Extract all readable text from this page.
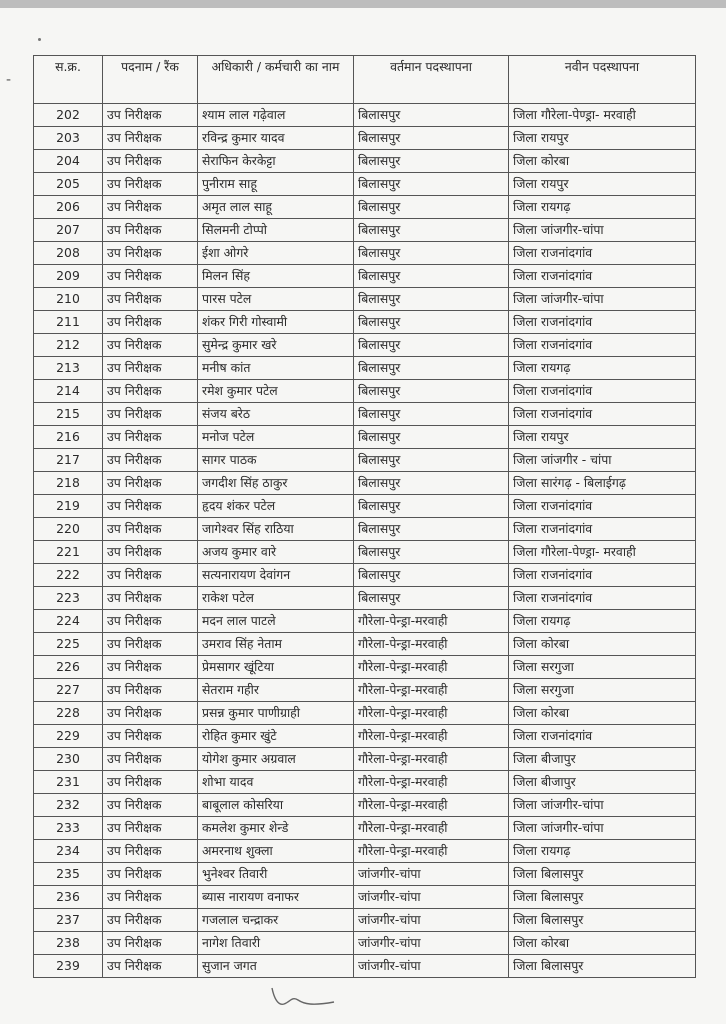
-
स.क्र.	पदनाम / रैंक	अधिकारी / कर्मचारी का नाम	वर्तमान पदस्थापना	नवीन पदस्थापना
202	उप निरीक्षक	श्याम लाल गढ़ेवाल	बिलासपुर	जिला गौरेला-पेण्ड्रा- मरवाही
203	उप निरीक्षक	रविन्द्र कुमार यादव	बिलासपुर	जिला रायपुर
204	उप निरीक्षक	सेराफिन केरकेट्टा	बिलासपुर	जिला कोरबा
205	उप निरीक्षक	पुनीराम साहू	बिलासपुर	जिला रायपुर
206	उप निरीक्षक	अमृत लाल साहू	बिलासपुर	जिला रायगढ़
207	उप निरीक्षक	सिलमनी टोप्पो	बिलासपुर	जिला जांजगीर-चांपा
208	उप निरीक्षक	ईशा ओगरे	बिलासपुर	जिला राजनांदगांव
209	उप निरीक्षक	मिलन सिंह	बिलासपुर	जिला राजनांदगांव
210	उप निरीक्षक	पारस पटेल	बिलासपुर	जिला जांजगीर-चांपा
211	उप निरीक्षक	शंकर गिरी गोस्वामी	बिलासपुर	जिला राजनांदगांव
212	उप निरीक्षक	सुमेन्द्र कुमार खरे	बिलासपुर	जिला राजनांदगांव
213	उप निरीक्षक	मनीष कांत	बिलासपुर	जिला रायगढ़
214	उप निरीक्षक	रमेश कुमार पटेल	बिलासपुर	जिला राजनांदगांव
215	उप निरीक्षक	संजय बरेठ	बिलासपुर	जिला राजनांदगांव
216	उप निरीक्षक	मनोज पटेल	बिलासपुर	जिला रायपुर
217	उप निरीक्षक	सागर पाठक	बिलासपुर	जिला जांजगीर - चांपा
218	उप निरीक्षक	जगदीश सिंह ठाकुर	बिलासपुर	जिला सारंगढ़ - बिलाईगढ़
219	उप निरीक्षक	हृदय शंकर पटेल	बिलासपुर	जिला राजनांदगांव
220	उप निरीक्षक	जागेश्वर सिंह राठिया	बिलासपुर	जिला राजनांदगांव
221	उप निरीक्षक	अजय कुमार वारे	बिलासपुर	जिला गौरेला-पेण्ड्रा- मरवाही
222	उप निरीक्षक	सत्यनारायण देवांगन	बिलासपुर	जिला राजनांदगांव
223	उप निरीक्षक	राकेश पटेल	बिलासपुर	जिला राजनांदगांव
224	उप निरीक्षक	मदन लाल पाटले	गौरेला-पेन्ड्रा-मरवाही	जिला रायगढ़
225	उप निरीक्षक	उमराव सिंह नेताम	गौरेला-पेन्ड्रा-मरवाही	जिला कोरबा
226	उप निरीक्षक	प्रेमसागर खूंटिया	गौरेला-पेन्ड्रा-मरवाही	जिला सरगुजा
227	उप निरीक्षक	सेतराम गहीर	गौरेला-पेन्ड्रा-मरवाही	जिला सरगुजा
228	उप निरीक्षक	प्रसन्न कुमार पाणीग्राही	गौरेला-पेन्ड्रा-मरवाही	जिला कोरबा
229	उप निरीक्षक	रोहित कुमार खुंटे	गौरेला-पेन्ड्रा-मरवाही	जिला राजनांदगांव
230	उप निरीक्षक	योगेश कुमार अग्रवाल	गौरेला-पेन्ड्रा-मरवाही	जिला बीजापुर
231	उप निरीक्षक	शोभा यादव	गौरेला-पेन्ड्रा-मरवाही	जिला बीजापुर
232	उप निरीक्षक	बाबूलाल कोसरिया	गौरेला-पेन्ड्रा-मरवाही	जिला जांजगीर-चांपा
233	उप निरीक्षक	कमलेश कुमार शेन्डे	गौरेला-पेन्ड्रा-मरवाही	जिला जांजगीर-चांपा
234	उप निरीक्षक	अमरनाथ शुक्ला	गौरेला-पेन्ड्रा-मरवाही	जिला रायगढ़
235	उप निरीक्षक	भुनेश्वर तिवारी	जांजगीर-चांपा	जिला बिलासपुर
236	उप निरीक्षक	ब्यास नारायण वनाफर	जांजगीर-चांपा	जिला बिलासपुर
237	उप निरीक्षक	गजलाल चन्द्राकर	जांजगीर-चांपा	जिला बिलासपुर
238	उप निरीक्षक	नागेश तिवारी	जांजगीर-चांपा	जिला कोरबा
239	उप निरीक्षक	सुजान जगत	जांजगीर-चांपा	जिला बिलासपुर
